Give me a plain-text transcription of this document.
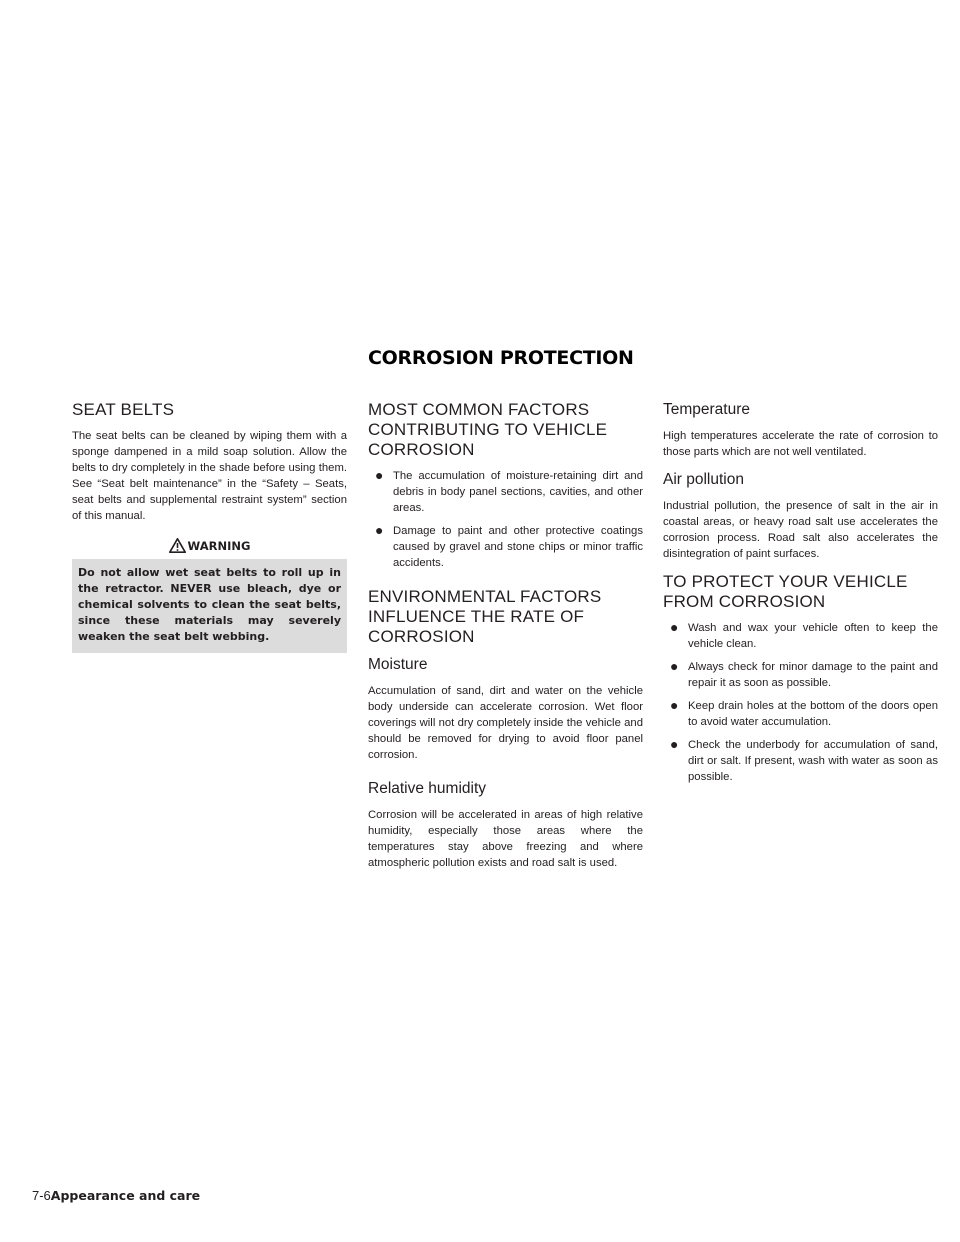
CORROSION PROTECTION
SEAT BELTS

The seat belts can be cleaned by wiping them with a sponge dampened in a mild soap solution. Allow the belts to dry completely in the shade before using them. See “Seat belt maintenance” in the “Safety – Seats, seat belts and supplemental restraint system” section of this manual.

WARNING
Do not allow wet seat belts to roll up in the retractor. NEVER use bleach, dye or chemical solvents to clean the seat belts, since these materials may severely weaken the seat belt webbing.
MOST COMMON FACTORS CONTRIBUTING TO VEHICLE CORROSION
● The accumulation of moisture-retaining dirt and debris in body panel sections, cavities, and other areas.
● Damage to paint and other protective coatings caused by gravel and stone chips or minor traffic accidents.
ENVIRONMENTAL FACTORS INFLUENCE THE RATE OF CORROSION
Moisture

Accumulation of sand, dirt and water on the vehicle body underside can accelerate corrosion. Wet floor coverings will not dry completely inside the vehicle and should be removed for drying to avoid floor panel corrosion.

Relative humidity

Corrosion will be accelerated in areas of high relative humidity, especially those areas where the temperatures stay above freezing and where atmospheric pollution exists and road salt is used.

Temperature

High temperatures accelerate the rate of corrosion to those parts which are not well ventilated.

Air pollution

Industrial pollution, the presence of salt in the air in coastal areas, or heavy road salt use accelerates the corrosion process. Road salt also accelerates the disintegration of paint surfaces.

TO PROTECT YOUR VEHICLE FROM CORROSION
● Wash and wax your vehicle often to keep the vehicle clean.
● Always check for minor damage to the paint and repair it as soon as possible.
● Keep drain holes at the bottom of the doors open to avoid water accumulation.
● Check the underbody for accumulation of sand, dirt or salt. If present, wash with water as soon as possible.
7-6Appearance and care
